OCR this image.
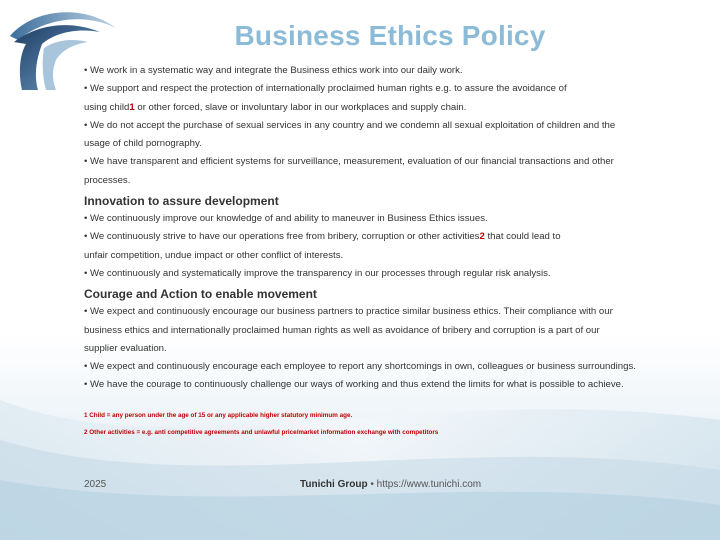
Business Ethics Policy

• We work in a systematic way and integrate the Business ethics work into our daily work.

• We support and respect the protection of internationally proclaimed human rights e.g. to assure the avoidance of

using child1 or other forced, slave or involuntary labor in our workplaces and supply chain.

• We do not accept the purchase of sexual services in any country and we condemn all sexual exploitation of children and the

usage of child pornography.

• We have transparent and efficient systems for surveillance, measurement, evaluation of our financial transactions and other

processes.

Innovation to assure development

• We continuously improve our knowledge of and ability to maneuver in Business Ethics issues.

• We continuously strive to have our operations free from bribery, corruption or other activities2 that could lead to

unfair competition, undue impact or other conflict of interests.

• We continuously and systematically improve the transparency in our processes through regular risk analysis.

Courage and Action to enable movement

• We expect and continuously encourage our business partners to practice similar business ethics. Their compliance with our

business ethics and internationally proclaimed human rights as well as avoidance of bribery and corruption is a part of our

supplier evaluation.

• We expect and continuously encourage each employee to report any shortcomings in own, colleagues or business surroundings.

• We have the courage to continuously challenge our ways of working and thus extend the limits for what is possible to achieve.

1 Child = any person under the age of 15 or any applicable higher statutory minimum age.

2 Other activities = e.g. anti competitive agreements and unlawful price/market information exchange with competitors

2025	Tunichi Group • https://www.tunichi.com
